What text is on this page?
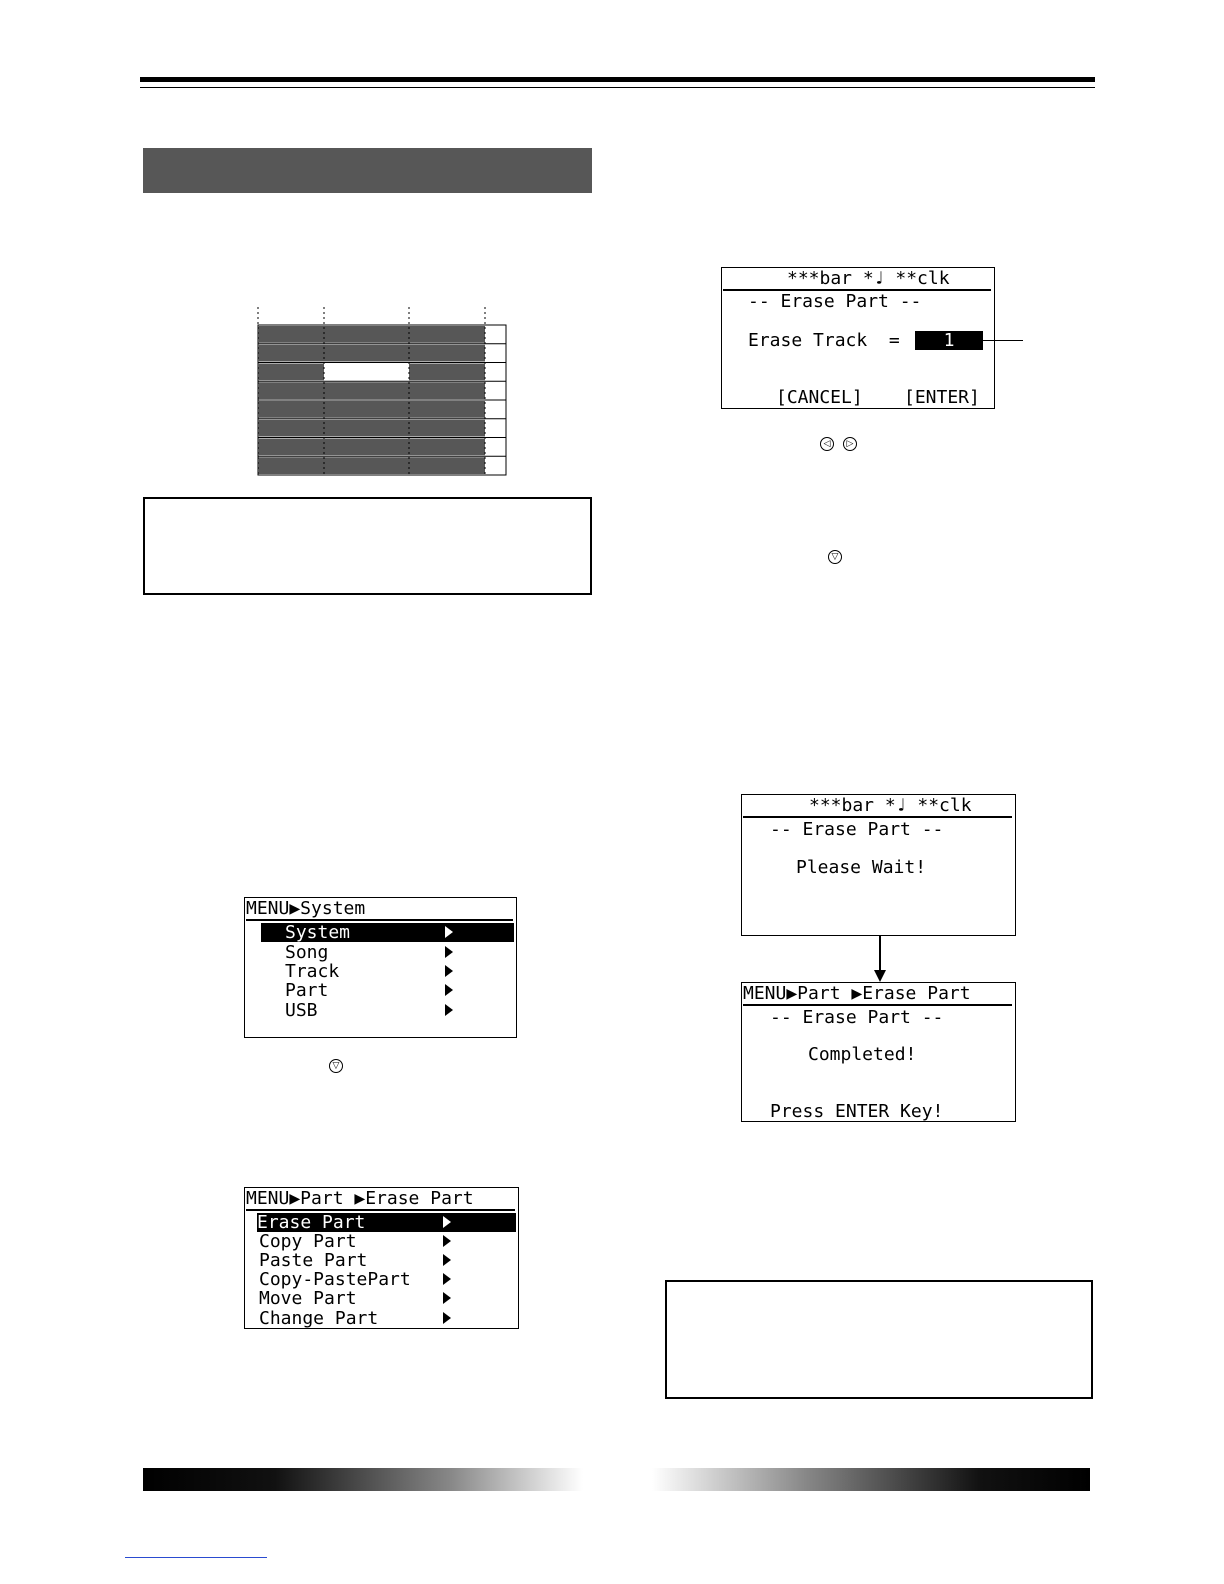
MENU▶System

System

Song

Track

Part

USB

▽

MENU▶Part ▶Erase Part

Erase Part

Copy Part

Paste Part

Copy-PastePart

Move Part

Change Part

***bar *♩ **clk

-- Erase Part --

Erase Track  =

	1

[CANCEL]

[ENTER]

◁	▷
▽

***bar *♩ **clk

-- Erase Part --

Please Wait!

MENU▶Part ▶Erase Part

-- Erase Part --

Completed!

Press ENTER Key!
